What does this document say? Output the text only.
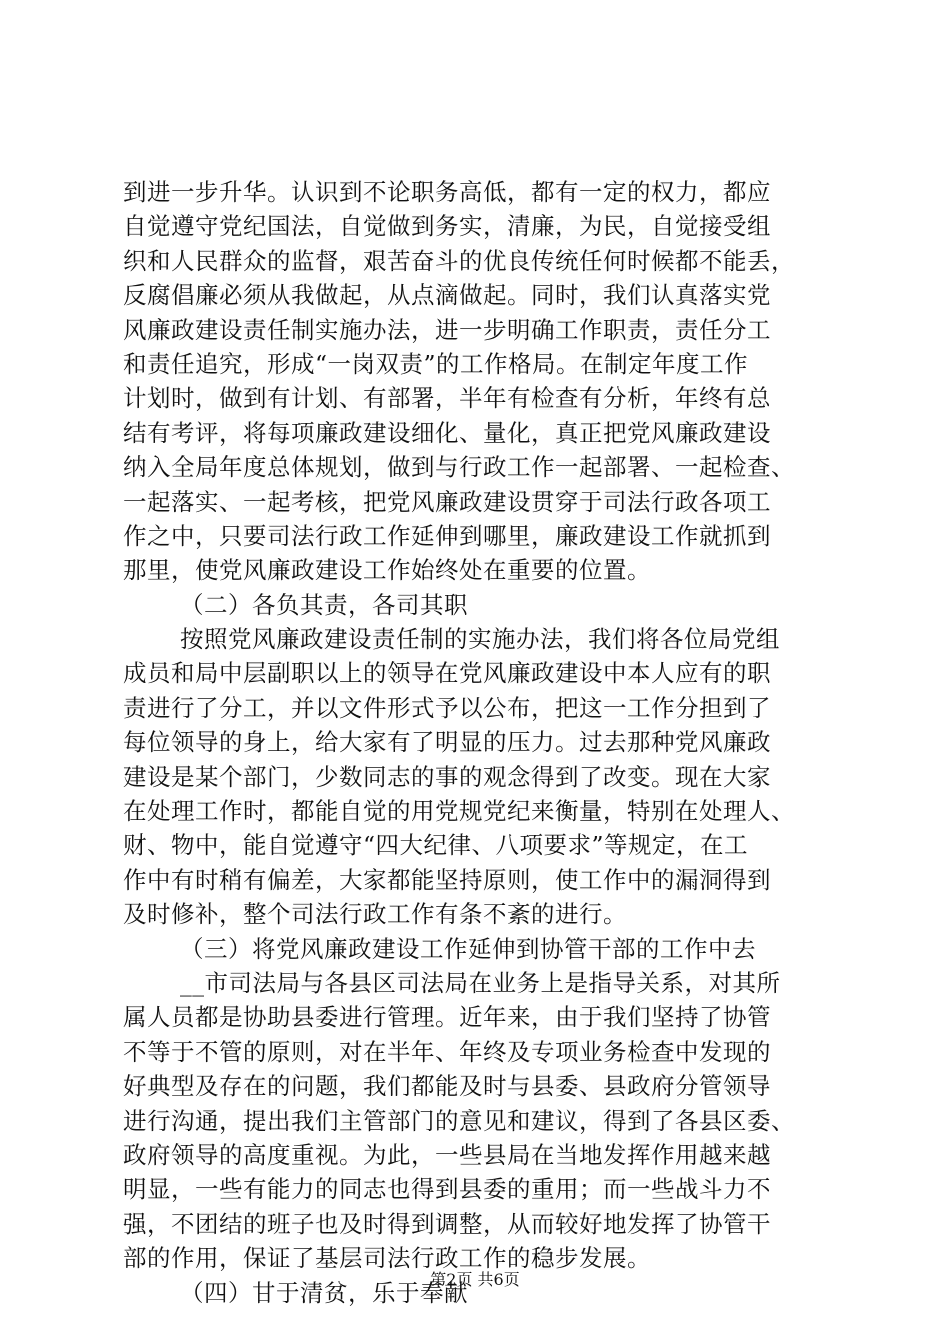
到进一步升华。认识到不论职务高低，都有一定的权力，都应
自觉遵守党纪国法，自觉做到务实，清廉，为民，自觉接受组
织和人民群众的监督，艰苦奋斗的优良传统任何时候都不能丢，
反腐倡廉必须从我做起，从点滴做起。同时，我们认真落实党
风廉政建设责任制实施办法，进一步明确工作职责，责任分工
和责任追究，形成“一岗双责”的工作格局。在制定年度工作
计划时，做到有计划、有部署，半年有检查有分析，年终有总
结有考评，将每项廉政建设细化、量化，真正把党风廉政建设
纳入全局年度总体规划，做到与行政工作一起部署、一起检查、
一起落实、一起考核，把党风廉政建设贯穿于司法行政各项工
作之中，只要司法行政工作延伸到哪里，廉政建设工作就抓到
那里，使党风廉政建设工作始终处在重要的位置。
（二）各负其责，各司其职
按照党风廉政建设责任制的实施办法，我们将各位局党组
成员和局中层副职以上的领导在党风廉政建设中本人应有的职
责进行了分工，并以文件形式予以公布，把这一工作分担到了
每位领导的身上，给大家有了明显的压力。过去那种党风廉政
建设是某个部门，少数同志的事的观念得到了改变。现在大家
在处理工作时，都能自觉的用党规党纪来衡量，特别在处理人、
财、物中，能自觉遵守“四大纪律、八项要求”等规定，在工
作中有时稍有偏差，大家都能坚持原则，使工作中的漏洞得到
及时修补，整个司法行政工作有条不紊的进行。
（三）将党风廉政建设工作延伸到协管干部的工作中去
__市司法局与各县区司法局在业务上是指导关系，对其所
属人员都是协助县委进行管理。近年来，由于我们坚持了协管
不等于不管的原则，对在半年、年终及专项业务检查中发现的
好典型及存在的问题，我们都能及时与县委、县政府分管领导
进行沟通，提出我们主管部门的意见和建议，得到了各县区委、
政府领导的高度重视。为此，一些县局在当地发挥作用越来越
明显，一些有能力的同志也得到县委的重用；而一些战斗力不
强，不团结的班子也及时得到调整，从而较好地发挥了协管干
部的作用，保证了基层司法行政工作的稳步发展。
（四）甘于清贫，乐于奉献
第2页 共6页
